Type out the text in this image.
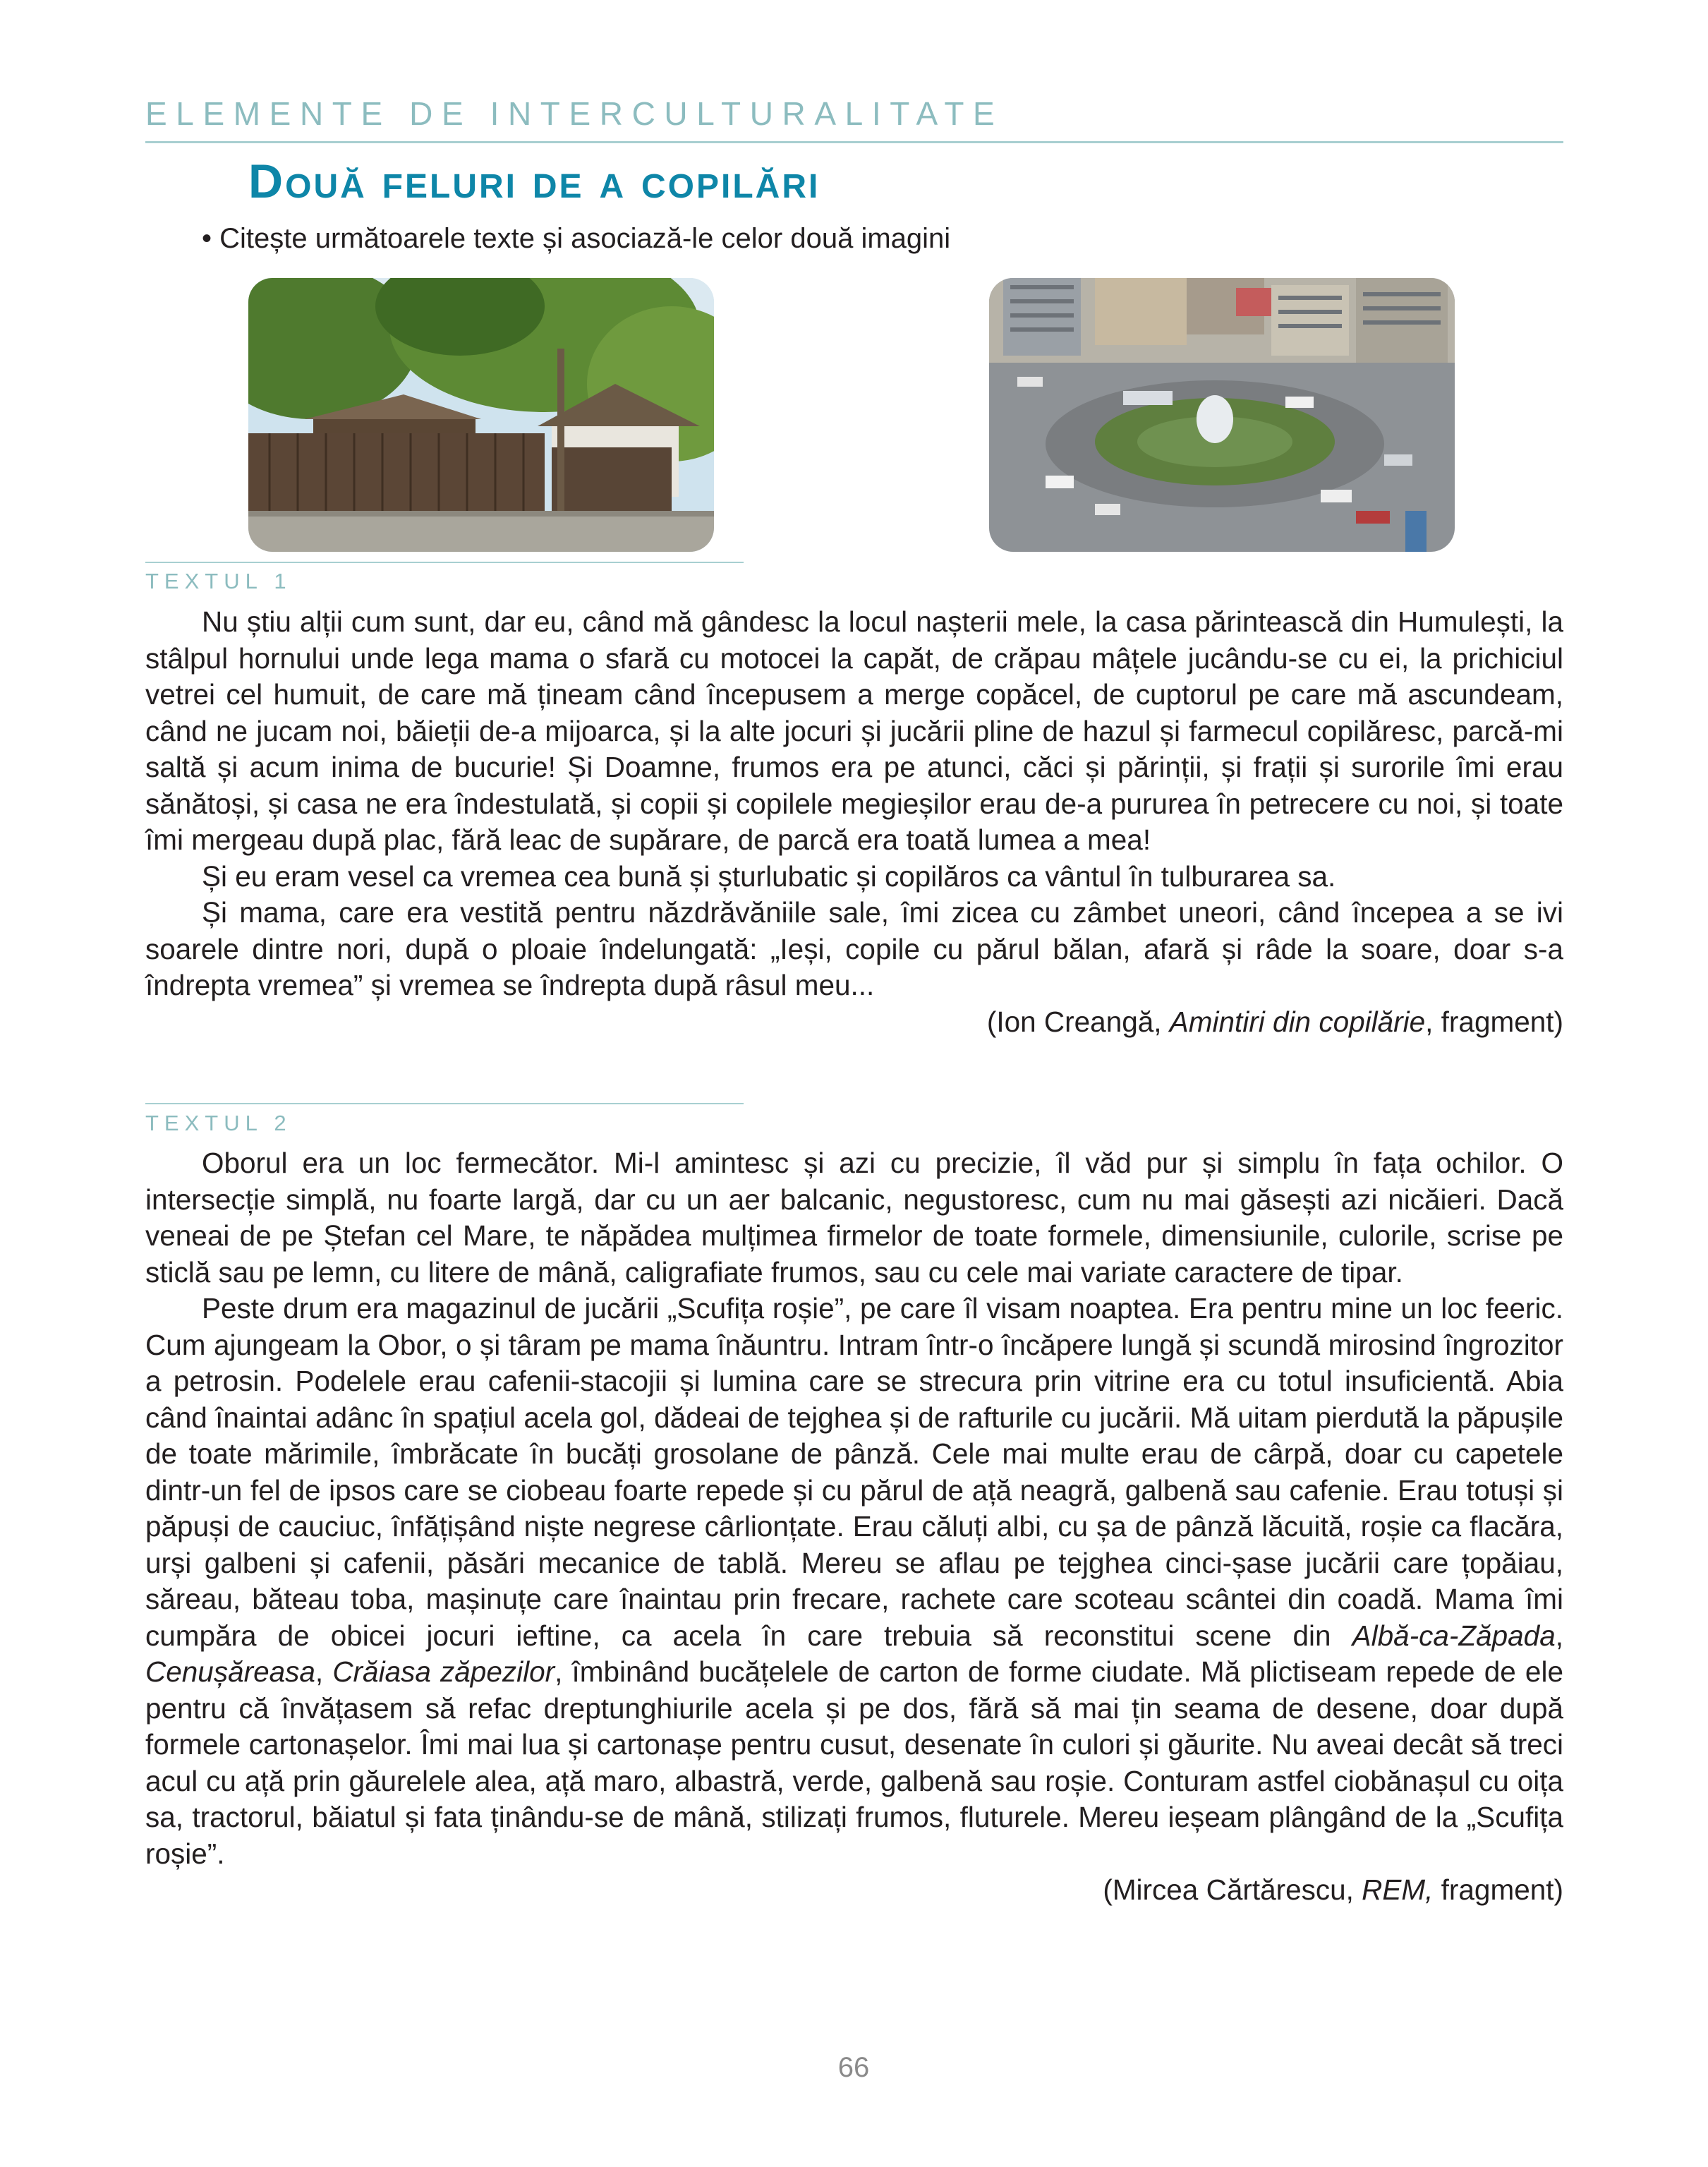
ELEMENTE DE INTERCULTURALITATE
Două feluri de a copilări
• Citește următoarele texte și asociază-le celor două imagini
TEXTUL 1

Nu știu alții cum sunt, dar eu, când mă gândesc la locul nașterii mele, la casa părintească din Humulești, la stâlpul hornului unde lega mama o sfară cu motocei la capăt, de crăpau mâțele jucându-se cu ei, la prichiciul vetrei cel humuit, de care mă țineam când începusem a merge copăcel, de cuptorul pe care mă ascundeam, când ne jucam noi, băieții de-a mijoarca, și la alte jocuri și jucării pline de hazul și farmecul copilăresc, parcă-mi saltă și acum inima de bucurie! Și Doamne, frumos era pe atunci, căci și părinții, și frații și surorile îmi erau sănătoși, și casa ne era îndestulată, și copii și copilele megieșilor erau de-a pururea în petrecere cu noi, și toate îmi mergeau după plac, fără leac de supărare, de parcă era toată lumea a mea!

Și eu eram vesel ca vremea cea bună și șturlubatic și copilăros ca vântul în tulburarea sa.

Și mama, care era vestită pentru năzdrăvăniile sale, îmi zicea cu zâmbet uneori, când începea a se ivi soarele dintre nori, după o ploaie îndelungată: „Ieși, copile cu părul bălan, afară și râde la soare, doar s-a îndrepta vremea” și vremea se îndrepta după râsul meu...

(Ion Creangă, Amintiri din copilărie, fragment)
TEXTUL 2

Oborul era un loc fermecător. Mi-l amintesc și azi cu precizie, îl văd pur și simplu în fața ochilor. O intersecție simplă, nu foarte largă, dar cu un aer balcanic, negustoresc, cum nu mai găsești azi nicăieri. Dacă veneai de pe Ștefan cel Mare, te năpădea mulțimea firmelor de toate formele, dimensiunile, culorile, scrise pe sticlă sau pe lemn, cu litere de mână, caligrafiate frumos, sau cu cele mai variate caractere de tipar.

Peste drum era magazinul de jucării „Scufița roșie”, pe care îl visam noaptea. Era pentru mine un loc feeric. Cum ajungeam la Obor, o și târam pe mama înăuntru. Intram într-o încăpere lungă și scundă mirosind îngrozitor a petrosin. Podelele erau cafenii-stacojii și lumina care se strecura prin vitrine era cu totul insuficientă. Abia când înaintai adânc în spațiul acela gol, dădeai de tejghea și de rafturile cu jucării. Mă uitam pierdută la păpușile de toate mărimile, îmbrăcate în bucăți grosolane de pânză. Cele mai multe erau de cârpă, doar cu capetele dintr-un fel de ipsos care se ciobeau foarte repede și cu părul de ață neagră, galbenă sau cafenie. Erau totuși și păpuși de cauciuc, înfățișând niște negrese cârlionțate. Erau căluți albi, cu șa de pânză lăcuită, roșie ca flacăra, urși galbeni și cafenii, păsări mecanice de tablă. Mereu se aflau pe tejghea cinci-șase jucării care țopăiau, săreau, băteau toba, mașinuțe care înaintau prin frecare, rachete care scoteau scântei din coadă. Mama îmi cumpăra de obicei jocuri ieftine, ca acela în care trebuia să reconstitui scene din Albă-ca-Zăpada, Cenușăreasa, Crăiasa zăpezilor, îmbinând bucățelele de carton de forme ciudate. Mă plictiseam repede de ele pentru că învățasem să refac dreptunghiurile acela și pe dos, fără să mai țin seama de desene, doar după formele cartonașelor. Îmi mai lua și cartonașe pentru cusut, desenate în culori și găurite. Nu aveai decât să treci acul cu ață prin găurelele alea, ață maro, albastră, verde, galbenă sau roșie. Conturam astfel ciobănașul cu oița sa, tractorul, băiatul și fata ținându-se de mână, stilizați frumos, fluturele. Mereu ieșeam plângând de la „Scufița roșie”.

(Mircea Cărtărescu, REM, fragment)
66
